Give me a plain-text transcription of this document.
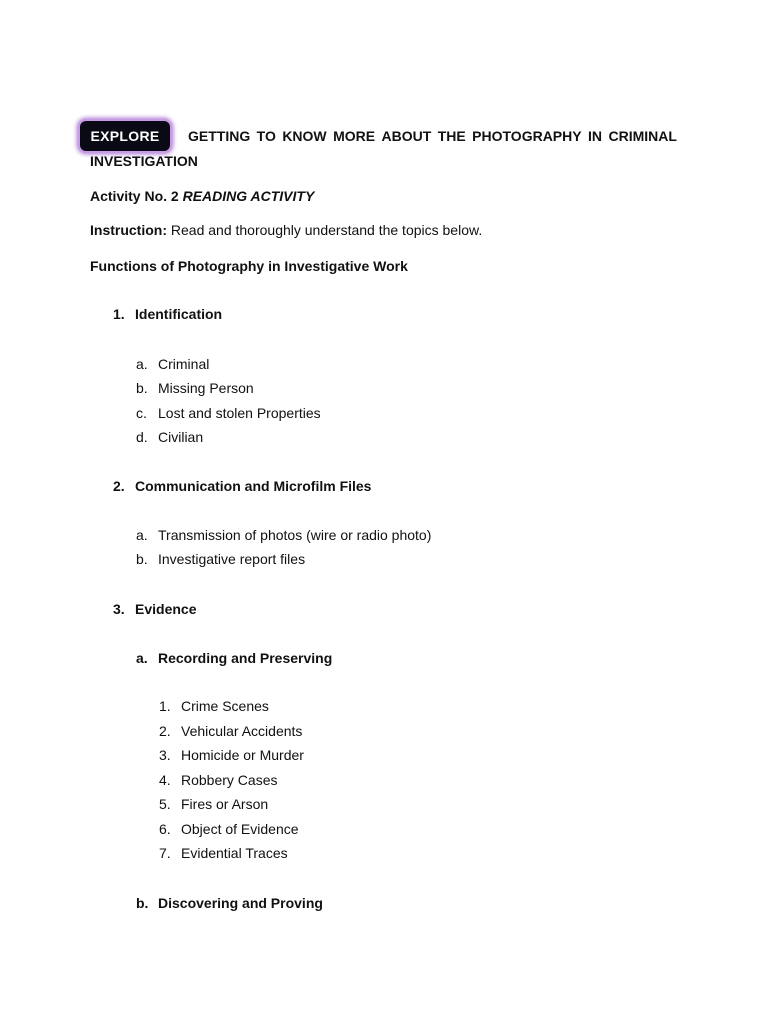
EXPLORE GETTING TO KNOW MORE ABOUT THE PHOTOGRAPHY IN CRIMINAL
INVESTIGATION
Activity No. 2 READING ACTIVITY
Instruction: Read and thoroughly understand the topics below.
Functions of Photography in Investigative Work
1. Identification
a. Criminal
b. Missing Person
c. Lost and stolen Properties
d. Civilian
2. Communication and Microfilm Files
a. Transmission of photos (wire or radio photo)
b. Investigative report files
3. Evidence
a. Recording and Preserving
1. Crime Scenes
2. Vehicular Accidents
3. Homicide or Murder
4. Robbery Cases
5. Fires or Arson
6. Object of Evidence
7. Evidential Traces
b. Discovering and Proving
